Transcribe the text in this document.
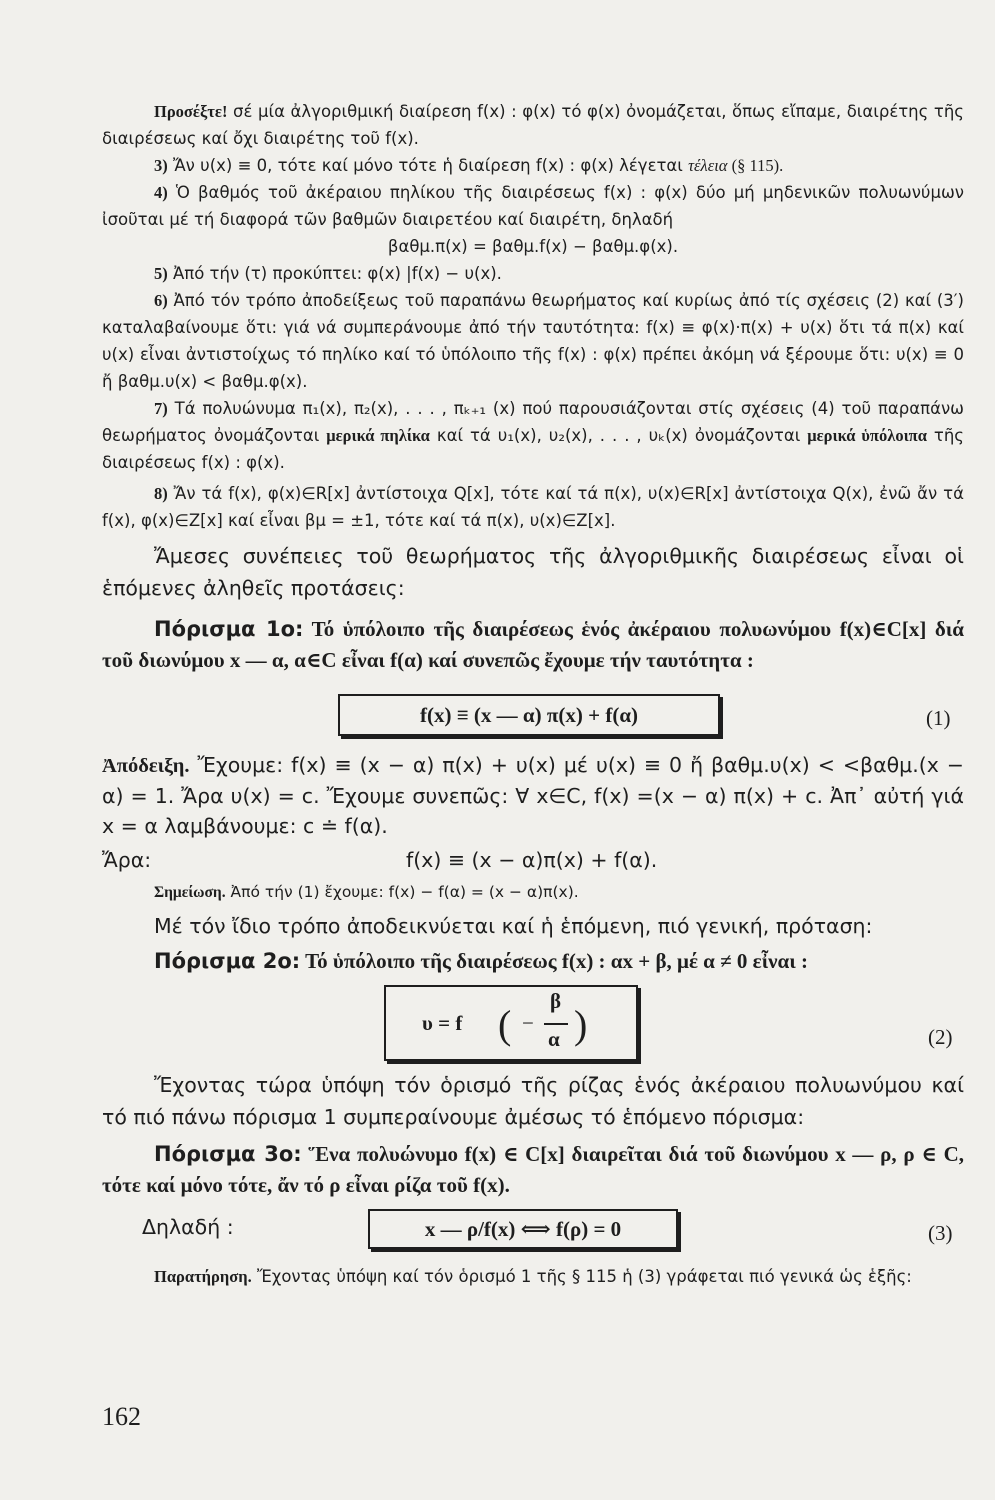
Προσέξτε! σέ μία ἀλγοριθμική διαίρεση f(x) : φ(x) τό φ(x) ὀνομάζεται, ὅπως εἴπαμε, διαιρέτης τῆς διαιρέσεως καί ὄχι διαιρέτης τοῦ f(x).

3) Ἄν υ(x) ≡ 0, τότε καί μόνο τότε ἡ διαίρεση f(x) : φ(x) λέγεται τέλεια (§ 115).

4) Ὁ βαθμός τοῦ ἀκέραιου πηλίκου τῆς διαιρέσεως f(x) : φ(x) δύο μή μηδενικῶν πολυωνύμων ἰσοῦται μέ τή διαφορά τῶν βαθμῶν διαιρετέου καί διαιρέτη, δηλαδή

βαθμ.π(x) = βαθμ.f(x) − βαθμ.φ(x).

5) Ἀπό τήν (τ) προκύπτει: φ(x) |f(x) − υ(x).

6) Ἀπό τόν τρόπο ἀποδείξεως τοῦ παραπάνω θεωρήματος καί κυρίως ἀπό τίς σχέσεις (2) καί (3′) καταλαβαίνουμε ὅτι: γιά νά συμπεράνουμε ἀπό τήν ταυτότητα: f(x) ≡ φ(x)·π(x) + υ(x) ὅτι τά π(x) καί υ(x) εἶναι ἀντιστοίχως τό πηλίκο καί τό ὑπόλοιπο τῆς f(x) : φ(x) πρέπει ἀκόμη νά ξέρουμε ὅτι: υ(x) ≡ 0 ἤ βαθμ.υ(x) < βαθμ.φ(x).

7) Τά πολυώνυμα π₁(x), π₂(x), . . . , πₖ₊₁ (x) πού παρουσιάζονται στίς σχέσεις (4) τοῦ παραπάνω θεωρήματος ὀνομάζονται μερικά πηλίκα καί τά υ₁(x), υ₂(x), . . . , υₖ(x) ὀνομάζονται μερικά ὑπόλοιπα τῆς διαιρέσεως f(x) : φ(x).

8) Ἄν τά f(x), φ(x)∈R[x] ἀντίστοιχα Q[x], τότε καί τά π(x), υ(x)∈R[x] ἀντίστοιχα Q(x), ἐνῶ ἄν τά f(x), φ(x)∈Z[x] καί εἶναι βμ = ±1, τότε καί τά π(x), υ(x)∈Z[x].

Ἄμεσες συνέπειες τοῦ θεωρήματος τῆς ἀλγοριθμικῆς διαιρέσεως εἶναι οἱ ἑπόμενες ἀληθεῖς προτάσεις:

Πόρισμα 1ο: Τό ὑπόλοιπο τῆς διαιρέσεως ἑνός ἀκέραιου πολυωνύμου f(x)∈C[x] διά τοῦ διωνύμου x — α, α∈C εἶναι f(α) καί συνεπῶς ἔχουμε τήν ταυτότητα :

f(x) ≡ (x — α) π(x) + f(α)	(1)

Ἀπόδειξη. Ἔχουμε: f(x) ≡ (x − α) π(x) + υ(x) μέ υ(x) ≡ 0 ἤ βαθμ.υ(x) < <βαθμ.(x − α) = 1. Ἄρα υ(x) = c. Ἔχουμε συνεπῶς: ∀ x∈C, f(x) =(x − α) π(x) + c. Ἀπ᾿ αὐτή γιά x = α λαμβάνουμε: c ≐ f(α).

Ἄρα:	f(x) ≡ (x − α)π(x) + f(α).

Σημείωση. Ἀπό τήν (1) ἔχουμε: f(x) − f(α) = (x − α)π(x).

Μέ τόν ἴδιο τρόπο ἀποδεικνύεται καί ἡ ἑπόμενη, πιό γενική, πρόταση:

Πόρισμα 2ο: Τό ὑπόλοιπο τῆς διαιρέσεως f(x) : αx + β, μέ α ≠ 0 εἶναι :

υ = f ( −
β
α )	(2)

Ἔχοντας τώρα ὑπόψη τόν ὁρισμό τῆς ρίζας ἑνός ἀκέραιου πολυωνύμου καί τό πιό πάνω πόρισμα 1 συμπεραίνουμε ἀμέσως τό ἑπόμενο πόρισμα:

Πόρισμα 3ο: Ἕνα πολυώνυμο f(x) ∈ C[x] διαιρεῖται διά τοῦ διωνύμου x — ρ, ρ ∈ C, τότε καί μόνο τότε, ἄν τό ρ εἶναι ρίζα τοῦ f(x).

Δηλαδή :	x — ρ/f(x) ⟺ f(ρ) = 0	(3)

Παρατήρηση. Ἔχοντας ὑπόψη καί τόν ὁρισμό 1 τῆς § 115 ἡ (3) γράφεται πιό γενικά ὡς ἑξῆς:

162
